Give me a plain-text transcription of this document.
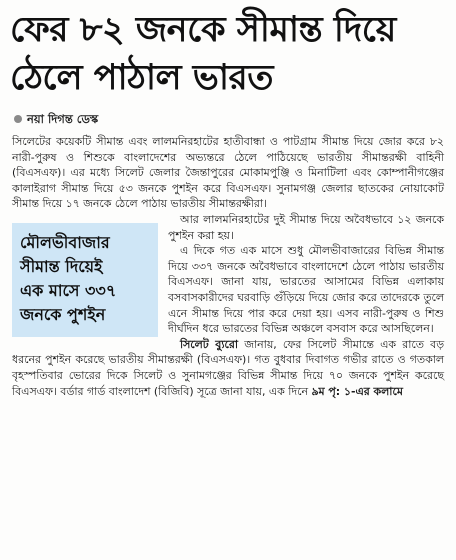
ফের ৮২ জনকে সীমান্ত দিয়ে
ঠেলে পাঠাল ভারত
নয়া দিগন্ত ডেস্ক
মৌলভীবাজার
সীমান্ত দিয়েই
এক মাসে ৩৩৭
জনকে পুশইন

সিলেটের কয়েকটি সীমান্ত এবং লালমনিরহাটের হাতীবান্ধা ও পাটগ্রাম সীমান্ত দিয়ে জোর করে ৮২ নারী-পুরুষ ও শিশুকে বাংলাদেশের অভ্যন্তরে ঠেলে পাঠিয়েছে ভারতীয় সীমান্তরক্ষী বাহিনী (বিএসএফ)। এর মধ্যে সিলেট জেলার জৈন্তাপুরের মোকামপুঞ্জি ও মিনাটিলা এবং কোম্পানীগঞ্জের কালাইরাগ সীমান্ত দিয়ে ৫৩ জনকে পুশইন করে বিএসএফ। সুনামগঞ্জ জেলার ছাতকের নোয়াকোট সীমান্ত দিয়ে ১৭ জনকে ঠেলে পাঠায় ভারতীয় সীমান্তরক্ষীরা।

আর লালমনিরহাটের দুই সীমান্ত দিয়ে অবৈধভাবে ১২ জনকে পুশইন করা হয়।

এ দিকে গত এক মাসে শুধু মৌলভীবাজারের বিভিন্ন সীমান্ত দিয়ে ৩৩৭ জনকে অবৈধভাবে বাংলাদেশে ঠেলে পাঠায় ভারতীয় বিএসএফ। জানা যায়, ভারতের আসামের বিভিন্ন এলাকায় বসবাসকারীদের ঘরবাড়ি গুঁড়িয়ে দিয়ে জোর করে তাদেরকে তুলে এনে সীমান্ত দিয়ে পার করে দেয়া হয়। এসব নারী-পুরুষ ও শিশু দীর্ঘদিন ধরে ভারতের বিভিন্ন অঞ্চলে বসবাস করে আসছিলেন।

সিলেট ব্যুরো জানায়, ফের সিলেট সীমান্তে এক রাতে বড় ধরনের পুশইন করেছে ভারতীয় সীমান্তরক্ষী (বিএসএফ)। গত বুধবার দিবাগত গভীর রাতে ও গতকাল বৃহস্পতিবার ভোরের দিকে সিলেট ও সুনামগঞ্জের বিভিন্ন সীমান্ত দিয়ে ৭০ জনকে পুশইন করেছে বিএসএফ। বর্ডার গার্ড বাংলাদেশ (বিজিবি) সূত্রে জানা যায়, এক দিনে ৯ম পৃ: ১-এর কলামে
